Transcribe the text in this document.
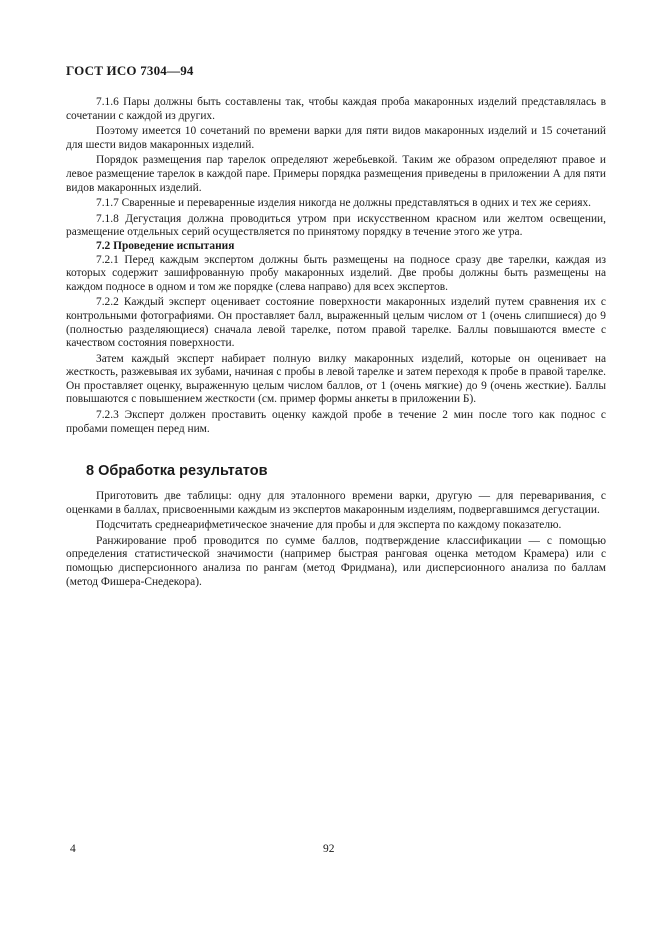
ГОСТ ИСО 7304—94

7.1.6 Пары должны быть составлены так, чтобы каждая проба макаронных изделий представлялась в сочетании с каждой из других.

Поэтому имеется 10 сочетаний по времени варки для пяти видов макаронных изделий и 15 сочетаний для шести видов макаронных изделий.

Порядок размещения пар тарелок определяют жеребьевкой. Таким же образом определяют правое и левое размещение тарелок в каждой паре. Примеры порядка размещения приведены в приложении А для пяти видов макаронных изделий.

7.1.7 Сваренные и переваренные изделия никогда не должны представляться в одних и тех же сериях.

7.1.8 Дегустация должна проводиться утром при искусственном красном или желтом освещении, размещение отдельных серий осуществляется по принятому порядку в течение этого же утра.

7.2 Проведение испытания

7.2.1 Перед каждым экспертом должны быть размещены на подносе сразу две тарелки, каждая из которых содержит зашифрованную пробу макаронных изделий. Две пробы должны быть размещены на каждом подносе в одном и том же порядке (слева направо) для всех экспертов.

7.2.2 Каждый эксперт оценивает состояние поверхности макаронных изделий путем сравнения их с контрольными фотографиями. Он проставляет балл, выраженный целым числом от 1 (очень слипшиеся) до 9 (полностью разделяющиеся) сначала левой тарелке, потом правой тарелке. Баллы повышаются вместе с качеством состояния поверхности.

Затем каждый эксперт набирает полную вилку макаронных изделий, которые он оценивает на жесткость, разжевывая их зубами, начиная с пробы в левой тарелке и затем переходя к пробе в правой тарелке. Он проставляет оценку, выраженную целым числом баллов, от 1 (очень мягкие) до 9 (очень жесткие). Баллы повышаются с повышением жесткости (см. пример формы анкеты в приложении Б).

7.2.3 Эксперт должен проставить оценку каждой пробе в течение 2 мин после того как поднос с пробами помещен перед ним.

8 Обработка результатов

Приготовить две таблицы: одну для эталонного времени варки, другую — для переваривания, с оценками в баллах, присвоенными каждым из экспертов макаронным изделиям, подвергавшимся дегустации.

Подсчитать среднеарифметическое значение для пробы и для эксперта по каждому показателю.

Ранжирование проб проводится по сумме баллов, подтверждение классификации — с помощью определения статистической значимости (например быстрая ранговая оценка методом Крамера) или с помощью дисперсионного анализа по рангам (метод Фридмана), или дисперсионного анализа по баллам (метод Фишера-Снедекора).

4	92
